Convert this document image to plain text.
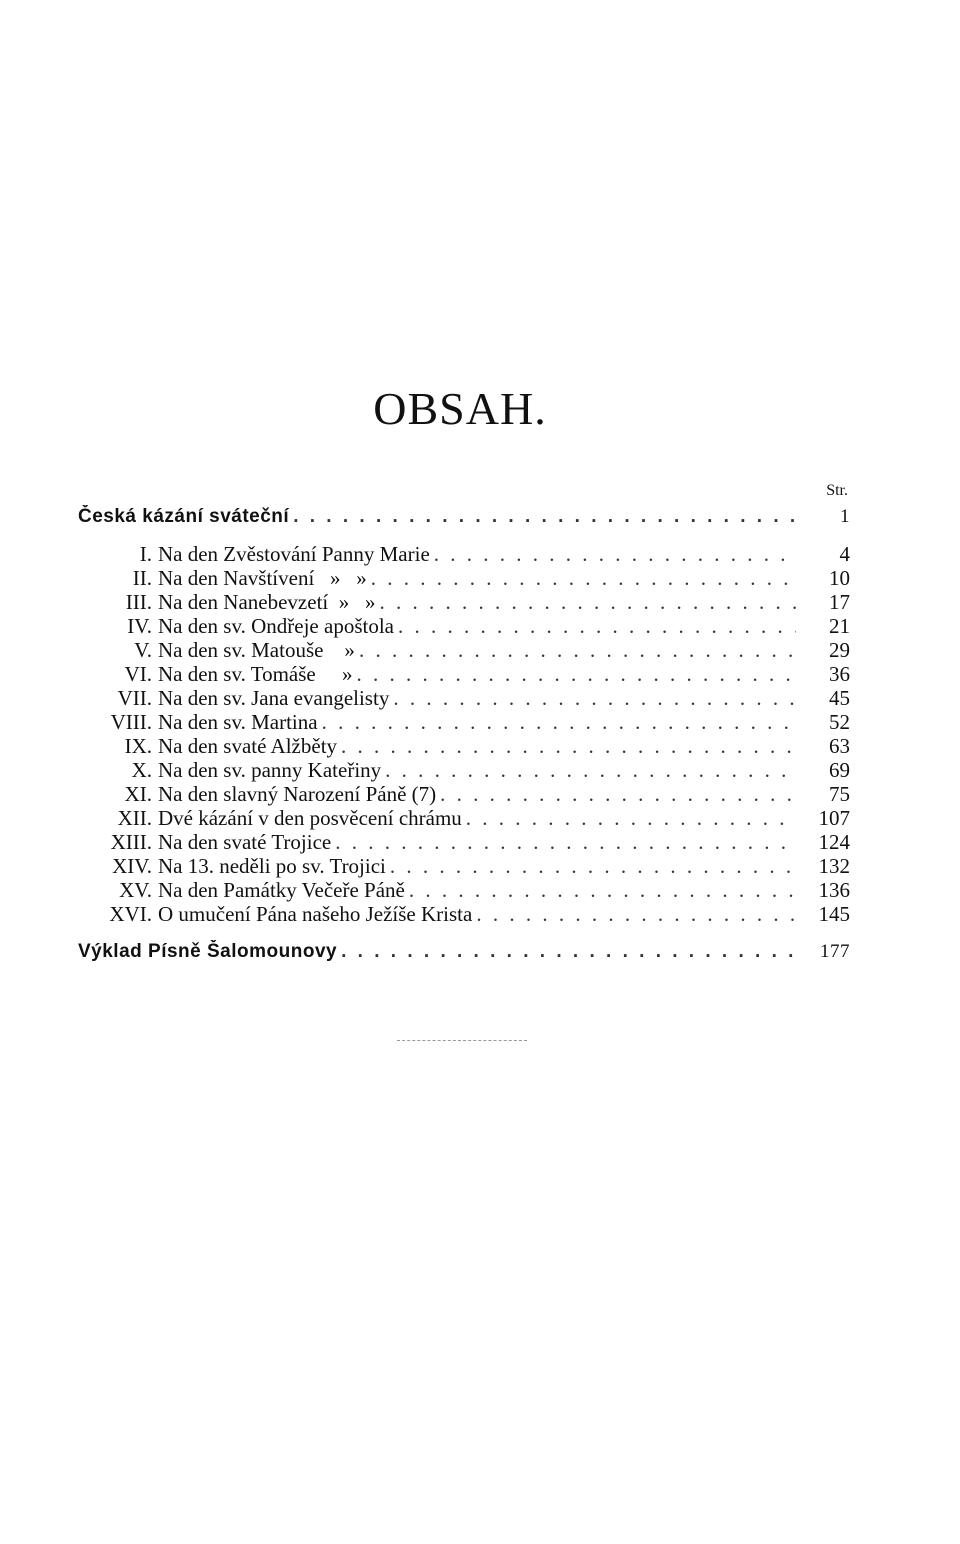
OBSAH.
Str.
Česká kázání sváteční . . .	1
I. Na den Zvěstování Panny Marie . . .	4
II. Na den Navštívení   »   » . . .	10
III. Na den Nanebevzetí  »   » . . .	17
IV. Na den sv. Ondřeje apoštola . . .	21
V. Na den sv. Matouše    » . . .	29
VI. Na den sv. Tomáše     » . . .	36
VII. Na den sv. Jana evangelisty . . .	45
VIII. Na den sv. Martina . . .	52
IX. Na den svaté Alžběty . . .	63
X. Na den sv. panny Kateřiny . . .	69
XI. Na den slavný Narození Páně (7) . . .	75
XII. Dvé kázání v den posvěcení chrámu . . .	107
XIII. Na den svaté Trojice . . .	124
XIV. Na 13. neděli po sv. Trojici . . .	132
XV. Na den Památky Večeře Páně . . .	136
XVI. O umučení Pána našeho Ježíše Krista . . .	145
Výklad Písně Šalomounovy . . .	177
